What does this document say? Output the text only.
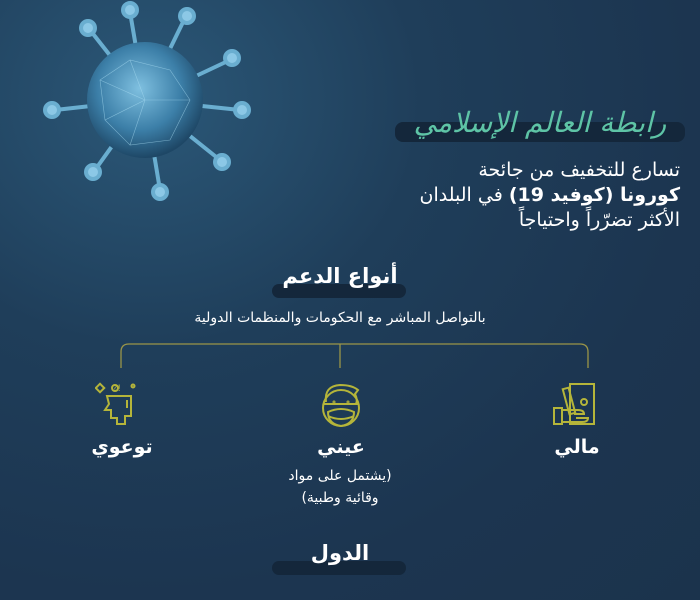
رابطة العالم الإسلامي
تسارع للتخفيف من جائحة
كورونا (كوفيد 19) في البلدان
الأكثر تضرّراً واحتياجاً
أنواع الدعم
بالتواصل المباشر مع الحكومات والمنظمات الدولية
!?
مالي
عيني
(يشتمل على مواد
وقائية وطبية)
توعوي
الدول
